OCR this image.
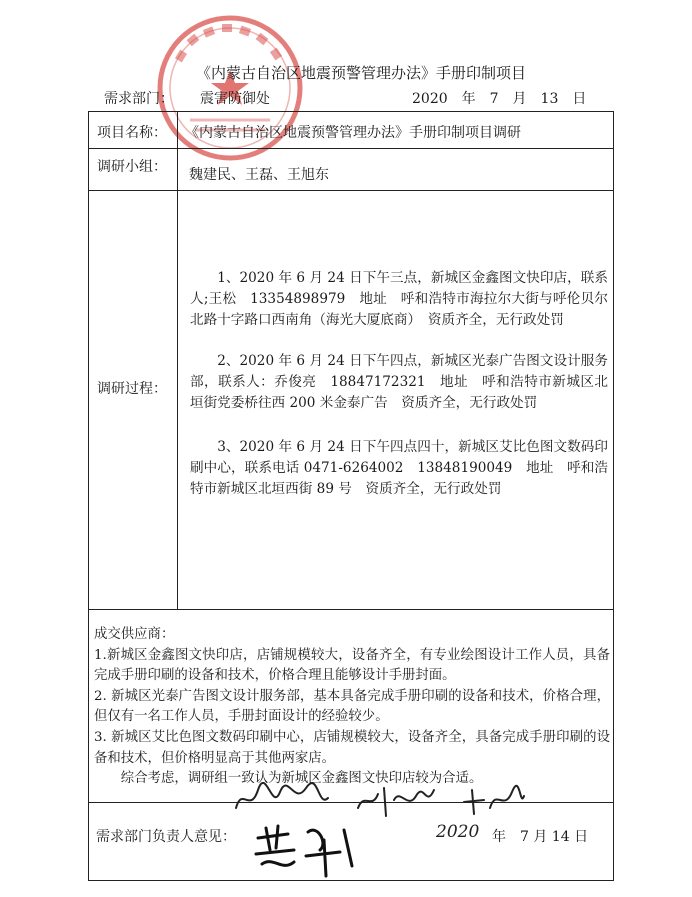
《内蒙古自治区地震预警管理办法》手册印制项目
需求部门： 震害防御处	2020　年　7　月　13　日
项目名称： 《内蒙古自治区地震预警管理办法》手册印制项目调研
调研小组： 魏建民、王磊、王旭东
调研过程：
1、2020 年 6 月 24 日下午三点，新城区金鑫图文快印店，联系人;王松　13354898979　地址　呼和浩特市海拉尔大街与呼伦贝尔北路十字路口西南角（海光大厦底商）　资质齐全，无行政处罚
2、2020 年 6 月 24 日下午四点，新城区光泰广告图文设计服务部，联系人：乔俊亮　18847172321　地址　呼和浩特市新城区北垣街党委桥往西 200 米金泰广告　资质齐全，无行政处罚
3、2020 年 6 月 24 日下午四点四十，新城区艾比色图文数码印刷中心，联系电话 0471-6264002　13848190049　地址　呼和浩特市新城区北垣西街 89 号　资质齐全，无行政处罚

成交供应商：

1.新城区金鑫图文快印店，店铺规模较大，设备齐全，有专业绘图设计工作人员，具备完成手册印刷的设备和技术，价格合理且能够设计手册封面。

2. 新城区光泰广告图文设计服务部，基本具备完成手册印刷的设备和技术，价格合理，但仅有一名工作人员，手册封面设计的经验较少。

3. 新城区艾比色图文数码印刷中心，店铺规模较大，设备齐全，具备完成手册印刷的设备和技术，但价格明显高于其他两家店。

综合考虑，调研组一致认为新城区金鑫图文快印店较为合适。

需求部门负责人意见：	2020 年　7 月 14 日
